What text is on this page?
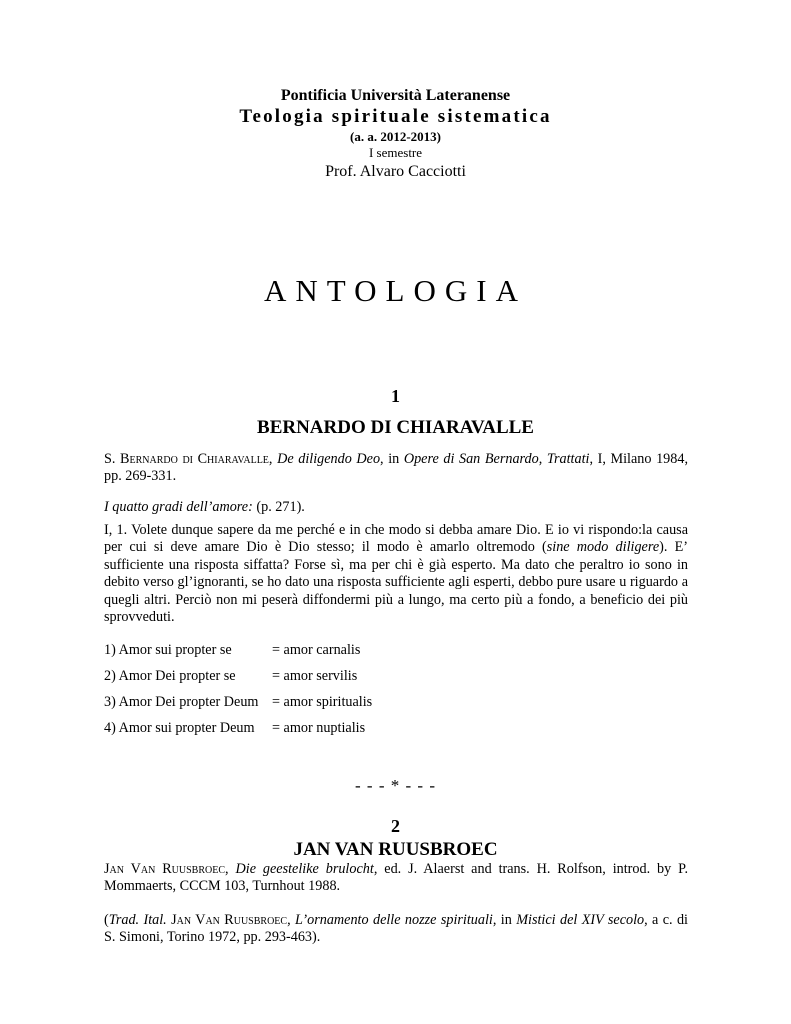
Pontificia Università Lateranense
Teologia spirituale sistematica
(a. a. 2012-2013)
I semestre
Prof. Alvaro Cacciotti
ANTOLOGIA
1
BERNARDO DI CHIARAVALLE
S. Bernardo di Chiaravalle, De diligendo Deo, in Opere di San Bernardo, Trattati, I, Milano 1984, pp. 269-331.
I quatto gradi dell’amore: (p. 271).
I, 1. Volete dunque sapere da me perché e in che modo si debba amare Dio. E io vi rispondo:la causa per cui si deve amare Dio è Dio stesso; il modo è amarlo oltremodo (sine modo diligere). E’ sufficiente una risposta siffatta? Forse sì, ma per chi è già esperto. Ma dato che peraltro io sono in debito verso gl’ignoranti, se ho dato una risposta sufficiente agli esperti, debbo pure usare u riguardo a quegli altri. Perciò non mi peserà diffondermi più a lungo, ma certo più a fondo, a beneficio dei più sprovveduti.
1) Amor sui propter se	= amor carnalis
2) Amor Dei propter se	= amor servilis
3) Amor Dei propter Deum = amor spiritualis
4) Amor sui propter Deum = amor nuptialis
- - - * - - -
2
JAN VAN RUUSBROEC
Jan Van Ruusbroec, Die geestelike brulocht, ed. J. Alaerst and trans. H. Rolfson, introd. by P. Mommaerts, CCCM 103, Turnhout 1988.
(Trad. Ital. Jan Van Ruusbroec, L’ornamento delle nozze spirituali, in Mistici del XIV secolo, a c. di S. Simoni, Torino 1972, pp. 293-463).
